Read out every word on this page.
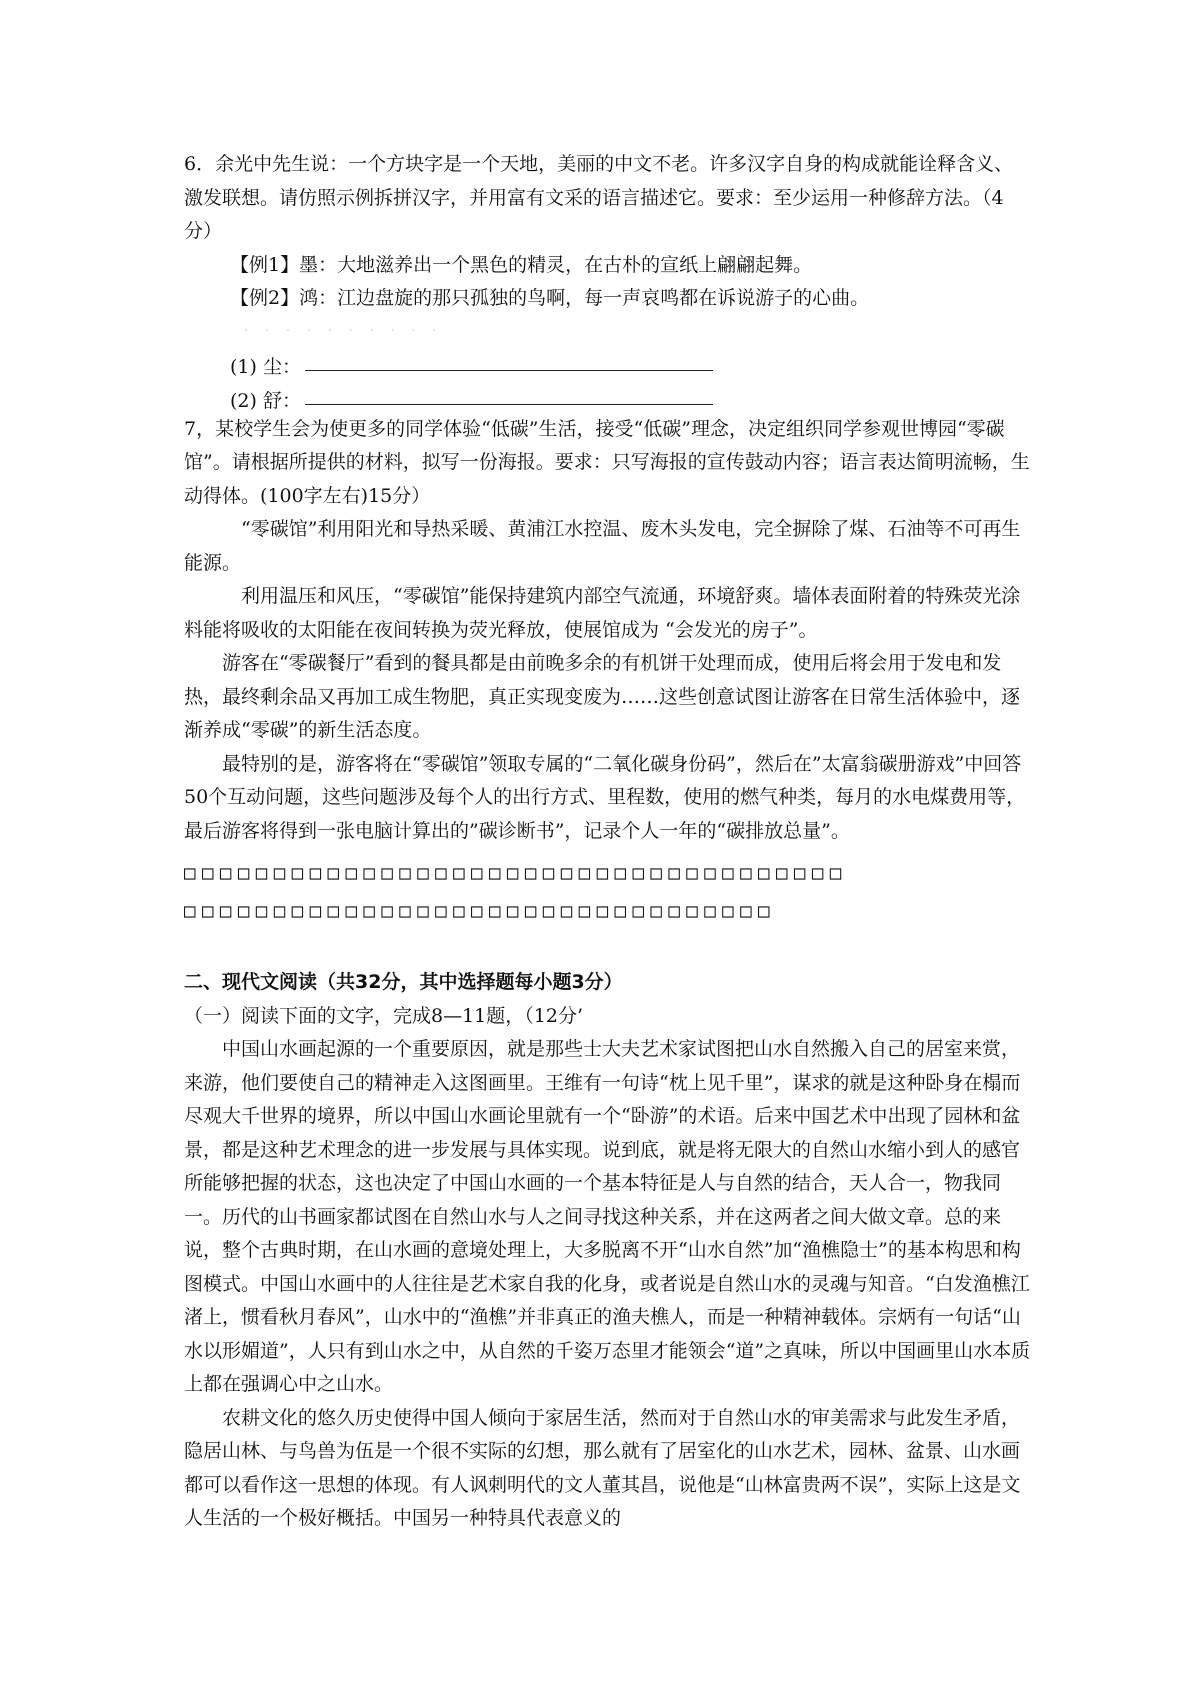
6．余光中先生说：一个方块字是一个天地，美丽的中文不老。许多汉字自身的构成就能诠释含义、激发联想。请仿照示例拆拼汉字，并用富有文采的语言描述它。要求：至少运用一种修辞方法。（4分）

【例1】墨：大地滋养出一个黑色的精灵，在古朴的宣纸上翩翩起舞。

【例2】鸿：江边盘旋的那只孤独的鸟啊，每一声哀鸣都在诉说游子的心曲。

· · · · · · · · · ·
(1) 尘：
(2) 舒：

7，某校学生会为使更多的同学体验“低碳”生活，接受“低碳”理念，决定组织同学参观世博园“零碳馆”。请根据所提供的材料，拟写一份海报。要求：只写海报的宣传鼓动内容；语言表达简明流畅，生动得体。(100字左右)15分）

“零碳馆”利用阳光和导热采暖、黄浦江水控温、废木头发电，完全摒除了煤、石油等不可再生能源。

利用温压和风压，“零碳馆”能保持建筑内部空气流通，环境舒爽。墙体表面附着的特殊荧光涂料能将吸收的太阳能在夜间转换为荧光释放，使展馆成为 “会发光的房子”。

游客在“零碳餐厅”看到的餐具都是由前晚多余的有机饼干处理而成，使用后将会用于发电和发热，最终剩余品又再加工成生物肥，真正实现变废为……这些创意试图让游客在日常生活体验中，逐渐养成“零碳”的新生活态度。

最特别的是，游客将在“零碳馆”领取专属的“二氧化碳身份码”，然后在”太富翁碳册游戏”中回答50个互动问题，这些问题涉及每个人的出行方式、里程数，使用的燃气种类，每月的水电煤费用等，最后游客将得到一张电脑计算出的”碳诊断书”，记录个人一年的“碳排放总量”。

□□□□□□□□□□□□□□□□□□□□□□□□□□□□□□□□□□□□□
□□□□□□□□□□□□□□□□□□□□□□□□□□□□□□□□□
二、现代文阅读（共32分，其中选择题每小题3分）

（一）阅读下面的文字，完成8—11题，（12分’

中国山水画起源的一个重要原因，就是那些士大夫艺术家试图把山水自然搬入自己的居室来赏，来游，他们要使自己的精神走入这图画里。王维有一句诗“枕上见千里”，谋求的就是这种卧身在榻而尽观大千世界的境界，所以中国山水画论里就有一个“卧游”的术语。后来中国艺术中出现了园林和盆景，都是这种艺术理念的进一步发展与具体实现。说到底，就是将无限大的自然山水缩小到人的感官所能够把握的状态，这也决定了中国山水画的一个基本特征是人与自然的结合，天人合一，物我同一。历代的山书画家都试图在自然山水与人之间寻找这种关系，并在这两者之间大做文章。总的来说，整个古典时期，在山水画的意境处理上，大多脱离不开“山水自然”加“渔樵隐士”的基本构思和构图模式。中国山水画中的人往往是艺术家自我的化身，或者说是自然山水的灵魂与知音。“白发渔樵江渚上，惯看秋月春风”，山水中的“渔樵”并非真正的渔夫樵人，而是一种精神载体。宗炳有一句话“山水以形媚道”，人只有到山水之中，从自然的千姿万态里才能领会“道”之真味，所以中国画里山水本质上都在强调心中之山水。

农耕文化的悠久历史使得中国人倾向于家居生活，然而对于自然山水的审美需求与此发生矛盾，隐居山林、与鸟兽为伍是一个很不实际的幻想，那么就有了居室化的山水艺术，园林、盆景、山水画都可以看作这一思想的体现。有人讽刺明代的文人董其昌，说他是“山林富贵两不误”，实际上这是文人生活的一个极好概括。中国另一种特具代表意义的
